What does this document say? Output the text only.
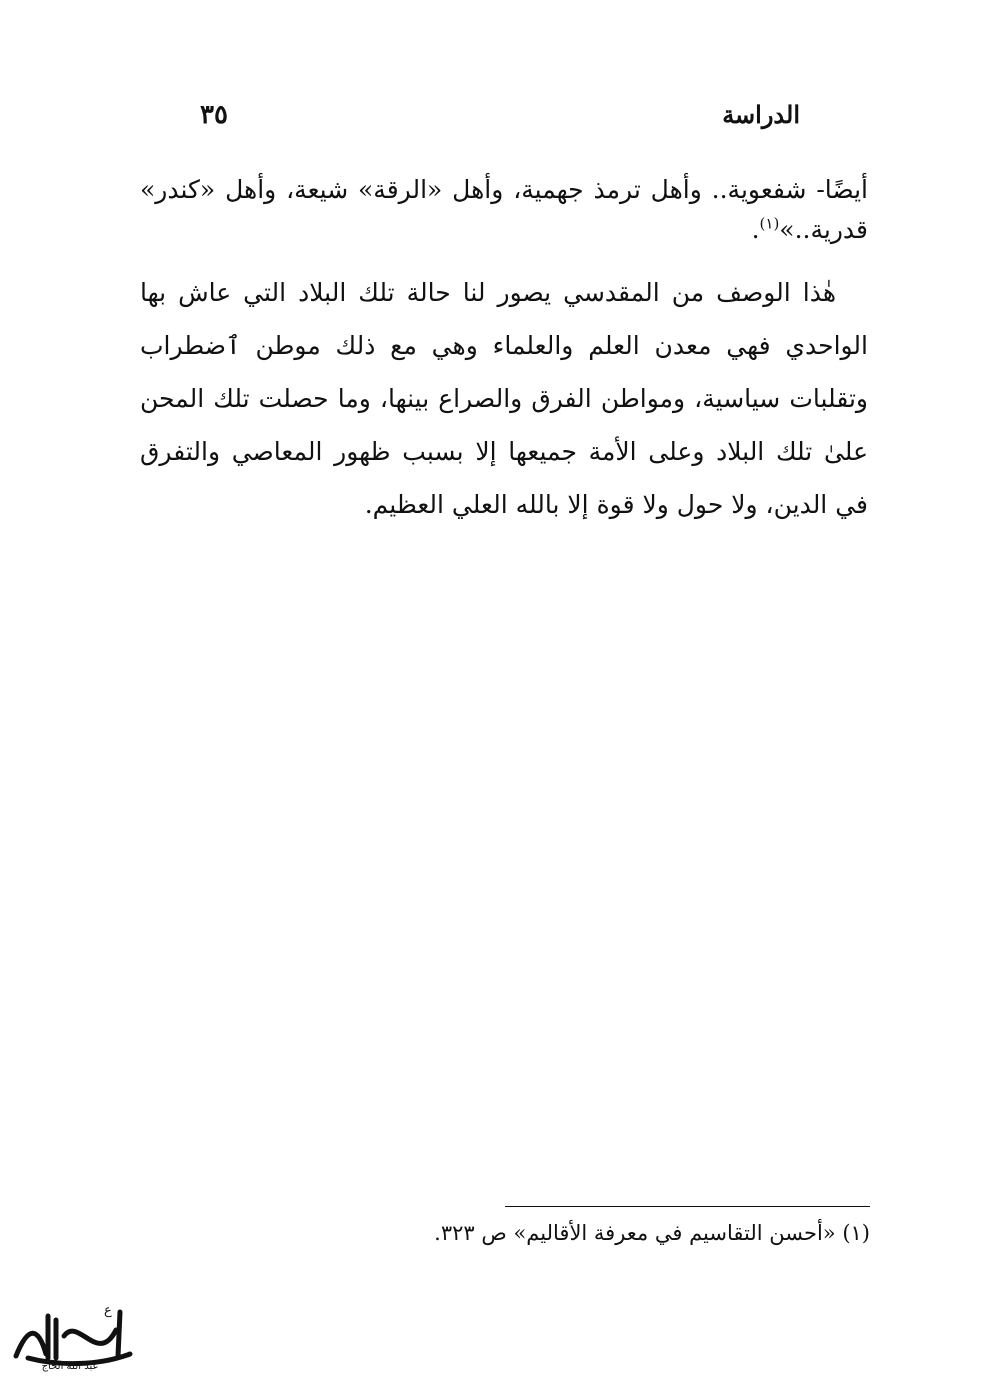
الدراسة
٣٥

أيضًا- شفعوية.. وأهل ترمذ جهمية، وأهل «الرقة» شيعة، وأهل «كندر» قدرية..»$^{(١)}$.

هٰذا الوصف من المقدسي يصور لنا حالة تلك البلاد التي عاش بها الواحدي فهي معدن العلم والعلماء وهي مع ذلك موطن ٱضطراب وتقلبات سياسية، ومواطن الفرق والصراع بينها، وما حصلت تلك المحن علىٰ تلك البلاد وعلى الأمة جميعها إلا بسبب ظهور المعاصي والتفرق في الدين، ولا حول ولا قوة إلا بالله العلي العظيم.

(١) «أحسن التقاسيم في معرفة الأقاليم» ص ٣٢٣.
ع
عبد الله الحاج
